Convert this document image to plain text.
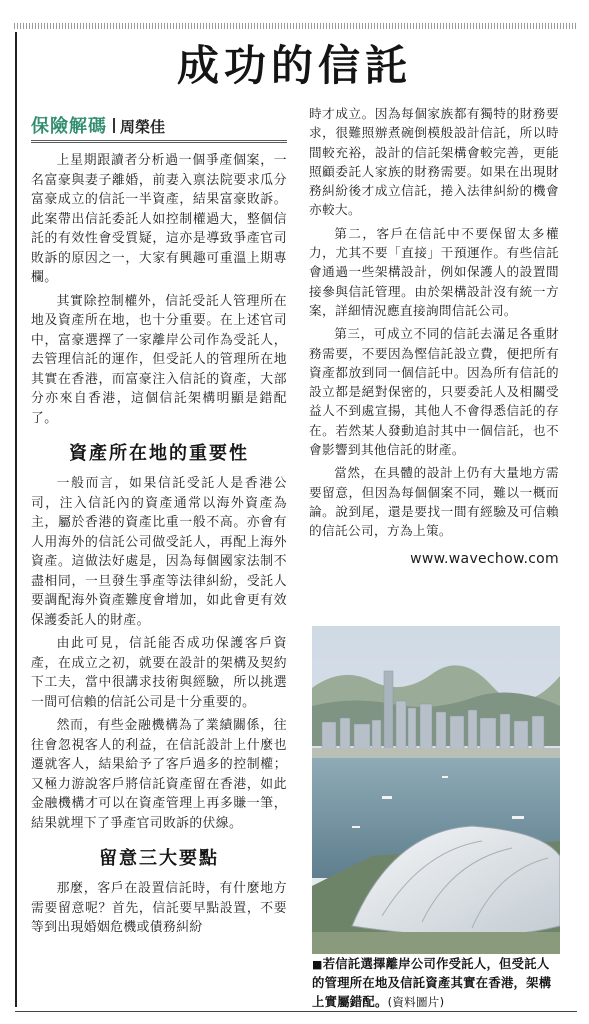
成功的信託
保險解碼 周榮佳

上星期跟讀者分析過一個爭產個案，一名富豪與妻子離婚，前妻入禀法院要求瓜分富豪成立的信託一半資產，結果富豪敗訴。此案帶出信託委託人如控制權過大，整個信託的有效性會受質疑，這亦是導致爭產官司敗訴的原因之一，大家有興趣可重溫上期專欄。

其實除控制權外，信託受託人管理所在地及資產所在地，也十分重要。在上述官司中，富豪選擇了一家離岸公司作為受託人，去管理信託的運作，但受託人的管理所在地其實在香港，而富豪注入信託的資產，大部分亦來自香港，這個信託架構明顯是錯配了。

資產所在地的重要性

一般而言，如果信託受託人是香港公司，注入信託內的資產通常以海外資產為主，屬於香港的資產比重一般不高。亦會有人用海外的信託公司做受託人，再配上海外資產。這做法好處是，因為每個國家法制不盡相同，一旦發生爭產等法律糾紛，受託人要調配海外資產難度會增加，如此會更有效保護委託人的財產。

由此可見，信託能否成功保護客戶資產，在成立之初，就要在設計的架構及契約下工夫，當中很講求技術與經驗，所以挑選一間可信賴的信託公司是十分重要的。

然而，有些金融機構為了業績關係，往往會忽視客人的利益，在信託設計上什麼也遷就客人，結果給予了客戶過多的控制權；又極力游說客戶將信託資產留在香港，如此金融機構才可以在資產管理上再多賺一筆，結果就埋下了爭產官司敗訴的伏線。

留意三大要點

那麼，客戶在設置信託時，有什麼地方需要留意呢？首先，信託要早點設置，不要等到出現婚姻危機或債務糾紛

時才成立。因為每個家族都有獨特的財務要求，很難照辦煮碗倒模般設計信託，所以時間較充裕，設計的信託架構會較完善，更能照顧委託人家族的財務需要。如果在出現財務糾紛後才成立信託，捲入法律糾紛的機會亦較大。

第二，客戶在信託中不要保留太多權力，尤其不要「直接」干預運作。有些信託會通過一些架構設計，例如保護人的設置間接參與信託管理。由於架構設計沒有統一方案，詳細情況應直接詢問信託公司。

第三，可成立不同的信託去滿足各重財務需要，不要因為慳信託設立費，便把所有資產都放到同一個信託中。因為所有信託的設立都是絕對保密的，只要委託人及相關受益人不到處宣揚，其他人不會得悉信託的存在。若然某人發動追討其中一個信託，也不會影響到其他信託的財產。

當然，在具體的設計上仍有大量地方需要留意，但因為每個個案不同，難以一概而論。說到尾，還是要找一間有經驗及可信賴的信託公司，方為上策。

www.wavechow.com
■若信託選擇離岸公司作受託人，但受託人的管理所在地及信託資產其實在香港，架構上實屬錯配。(資料圖片)
